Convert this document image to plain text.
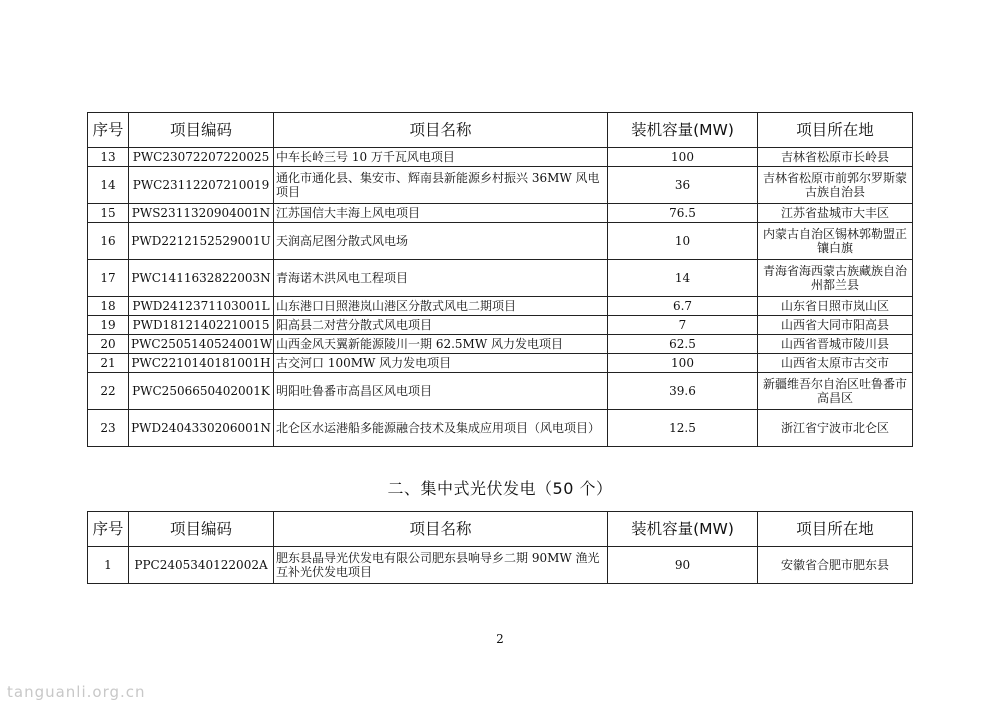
序号	项目编码	项目名称	装机容量(MW)	项目所在地
13	PWC23072207220025	中车长岭三号 10 万千瓦风电项目	100	吉林省松原市长岭县
14	PWC23112207210019	通化市通化县、集安市、辉南县新能源乡村振兴 36MW 风电项目	36	吉林省松原市前郭尔罗斯蒙古族自治县
15	PWS2311320904001N	江苏国信大丰海上风电项目	76.5	江苏省盐城市大丰区
16	PWD2212152529001U	天润高尼图分散式风电场	10	内蒙古自治区锡林郭勒盟正镶白旗
17	PWC1411632822003N	青海诺木洪风电工程项目	14	青海省海西蒙古族藏族自治州都兰县
18	PWD2412371103001L	山东港口日照港岚山港区分散式风电二期项目	6.7	山东省日照市岚山区
19	PWD18121402210015	阳高县二对营分散式风电项目	7	山西省大同市阳高县
20	PWC2505140524001W	山西金风天翼新能源陵川一期 62.5MW 风力发电项目	62.5	山西省晋城市陵川县
21	PWC2210140181001H	古交河口 100MW 风力发电项目	100	山西省太原市古交市
22	PWC2506650402001K	明阳吐鲁番市高昌区风电项目	39.6	新疆维吾尔自治区吐鲁番市高昌区
23	PWD2404330206001N	北仑区水运港船多能源融合技术及集成应用项目（风电项目）	12.5	浙江省宁波市北仑区
二、集中式光伏发电（50 个）
序号	项目编码	项目名称	装机容量(MW)	项目所在地
1	PPC2405340122002A	肥东县晶导光伏发电有限公司肥东县响导乡二期 90MW 渔光互补光伏发电项目	90	安徽省合肥市肥东县
2
tanguanli.org.cn
